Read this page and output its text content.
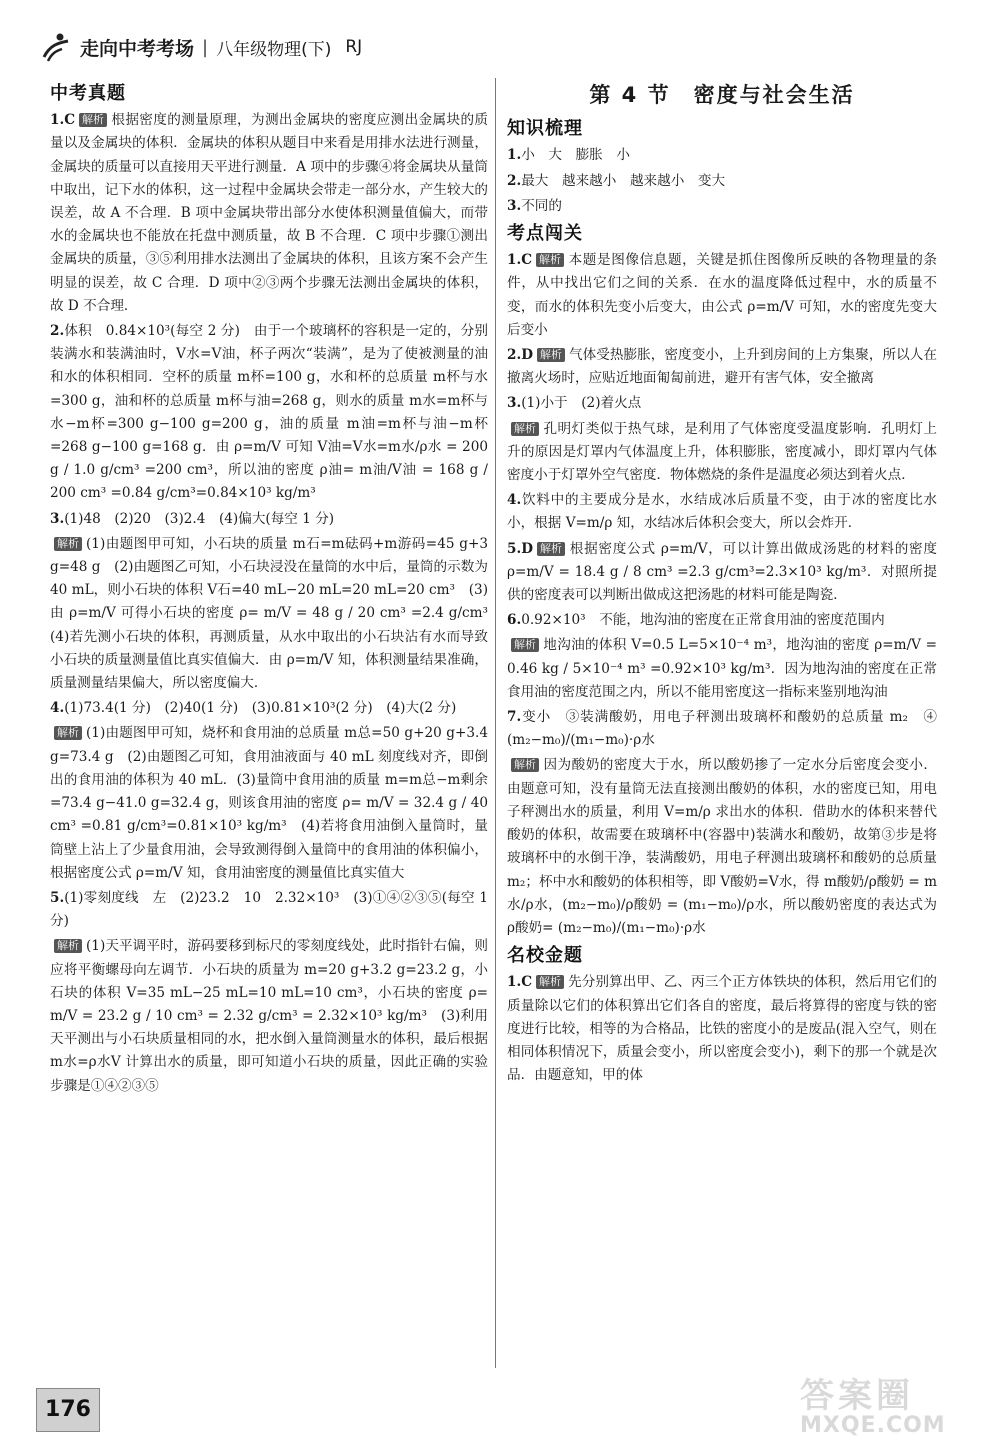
走向中考考场 | 八年级物理(下) RJ
中考真题
1.C 解析 根据密度的测量原理，为测出金属块的密度应测出金属块的质量以及金属块的体积．金属块的体积从题目中来看是用排水法进行测量，金属块的质量可以直接用天平进行测量．A 项中的步骤④将金属块从量筒中取出，记下水的体积，这一过程中金属块会带走一部分水，产生较大的误差，故 A 不合理．B 项中金属块带出部分水使体积测量值偏大，而带水的金属块也不能放在托盘中测质量，故 B 不合理．C 项中步骤①测出金属块的质量，③⑤利用排水法测出了金属块的体积，且该方案不会产生明显的误差，故 C 合理．D 项中②③两个步骤无法测出金属块的体积，故 D 不合理．
2.体积　0.84×10³(每空 2 分)　由于一个玻璃杯的容积是一定的，分别装满水和装满油时，V水=V油，杯子两次“装满”，是为了使被测量的油和水的体积相同．空杯的质量 m杯=100 g，水和杯的总质量 m杯与水=300 g，油和杯的总质量 m杯与油=268 g，则水的质量 m水=m杯与水−m杯=300 g−100 g=200 g，油的质量 m油=m杯与油−m杯=268 g−100 g=168 g．由 ρ=m/V 可知 V油=V水=m水/ρ水 = 200 g / 1.0 g/cm³ =200 cm³，所以油的密度 ρ油= m油/V油 = 168 g / 200 cm³ =0.84 g/cm³=0.84×10³ kg/m³
3.(1)48　(2)20　(3)2.4　(4)偏大(每空 1 分)
解析 (1)由题图甲可知，小石块的质量 m石=m砝码+m游码=45 g+3 g=48 g　(2)由题图乙可知，小石块浸没在量筒的水中后，量筒的示数为 40 mL，则小石块的体积 V石=40 mL−20 mL=20 mL=20 cm³　(3)由 ρ=m/V 可得小石块的密度 ρ= m/V = 48 g / 20 cm³ =2.4 g/cm³　(4)若先测小石块的体积，再测质量，从水中取出的小石块沾有水而导致小石块的质量测量值比真实值偏大．由 ρ=m/V 知，体积测量结果准确，质量测量结果偏大，所以密度偏大．
4.(1)73.4(1 分)　(2)40(1 分)　(3)0.81×10³(2 分)　(4)大(2 分)
解析 (1)由题图甲可知，烧杯和食用油的总质量 m总=50 g+20 g+3.4 g=73.4 g　(2)由题图乙可知，食用油液面与 40 mL 刻度线对齐，即倒出的食用油的体积为 40 mL．(3)量筒中食用油的质量 m=m总−m剩余=73.4 g−41.0 g=32.4 g，则该食用油的密度 ρ= m/V = 32.4 g / 40 cm³ =0.81 g/cm³=0.81×10³ kg/m³　(4)若将食用油倒入量筒时，量筒壁上沾上了少量食用油，会导致测得倒入量筒中的食用油的体积偏小，根据密度公式 ρ=m/V 知，食用油密度的测量值比真实值大
5.(1)零刻度线　左　(2)23.2　10　2.32×10³　(3)①④②③⑤(每空 1 分)
解析 (1)天平调平时，游码要移到标尺的零刻度线处，此时指针右偏，则应将平衡螺母向左调节．小石块的质量为 m=20 g+3.2 g=23.2 g，小石块的体积 V=35 mL−25 mL=10 mL=10 cm³，小石块的密度 ρ= m/V = 23.2 g / 10 cm³ = 2.32 g/cm³ = 2.32×10³ kg/m³　(3)利用天平测出与小石块质量相同的水，把水倒入量筒测量水的体积，最后根据 m水=ρ水V 计算出水的质量，即可知道小石块的质量，因此正确的实验步骤是①④②③⑤
第 4 节　密度与社会生活
知识梳理
1.小　大　膨胀　小
2.最大　越来越小　越来越小　变大
3.不同的
考点闯关
1.C 解析 本题是图像信息题，关键是抓住图像所反映的各物理量的条件，从中找出它们之间的关系．在水的温度降低过程中，水的质量不变，而水的体积先变小后变大，由公式 ρ=m/V 可知，水的密度先变大后变小
2.D 解析 气体受热膨胀，密度变小，上升到房间的上方集聚，所以人在撤离火场时，应贴近地面匍匐前进，避开有害气体，安全撤离
3.(1)小于　(2)着火点
解析 孔明灯类似于热气球，是利用了气体密度受温度影响．孔明灯上升的原因是灯罩内气体温度上升，体积膨胀，密度减小，即灯罩内气体密度小于灯罩外空气密度．物体燃烧的条件是温度必须达到着火点．
4.饮料中的主要成分是水，水结成冰后质量不变，由于冰的密度比水小，根据 V=m/ρ 知，水结冰后体积会变大，所以会炸开．
5.D 解析 根据密度公式 ρ=m/V，可以计算出做成汤匙的材料的密度 ρ=m/V = 18.4 g / 8 cm³ =2.3 g/cm³=2.3×10³ kg/m³．对照所提供的密度表可以判断出做成这把汤匙的材料可能是陶瓷．
6.0.92×10³　不能，地沟油的密度在正常食用油的密度范围内
解析 地沟油的体积 V=0.5 L=5×10⁻⁴ m³，地沟油的密度 ρ=m/V = 0.46 kg / 5×10⁻⁴ m³ =0.92×10³ kg/m³．因为地沟油的密度在正常食用油的密度范围之内，所以不能用密度这一指标来鉴别地沟油
7.变小　③装满酸奶，用电子秤测出玻璃杯和酸奶的总质量 m₂　④ (m₂−m₀)/(m₁−m₀)·ρ水
解析 因为酸奶的密度大于水，所以酸奶掺了一定水分后密度会变小．由题意可知，没有量筒无法直接测出酸奶的体积，水的密度已知，用电子秤测出水的质量，利用 V=m/ρ 求出水的体积．借助水的体积来替代酸奶的体积，故需要在玻璃杯中(容器中)装满水和酸奶，故第③步是将玻璃杯中的水倒干净，装满酸奶，用电子秤测出玻璃杯和酸奶的总质量 m₂；杯中水和酸奶的体积相等，即 V酸奶=V水，得 m酸奶/ρ酸奶 = m水/ρ水，(m₂−m₀)/ρ酸奶 = (m₁−m₀)/ρ水，所以酸奶密度的表达式为 ρ酸奶= (m₂−m₀)/(m₁−m₀)·ρ水
名校金题
1.C 解析 先分别算出甲、乙、丙三个正方体铁块的体积，然后用它们的质量除以它们的体积算出它们各自的密度，最后将算得的密度与铁的密度进行比较，相等的为合格品，比铁的密度小的是废品(混入空气，则在相同体积情况下，质量会变小，所以密度会变小)，剩下的那一个就是次品．由题意知，甲的体
176	答案圈
MXQE.COM
